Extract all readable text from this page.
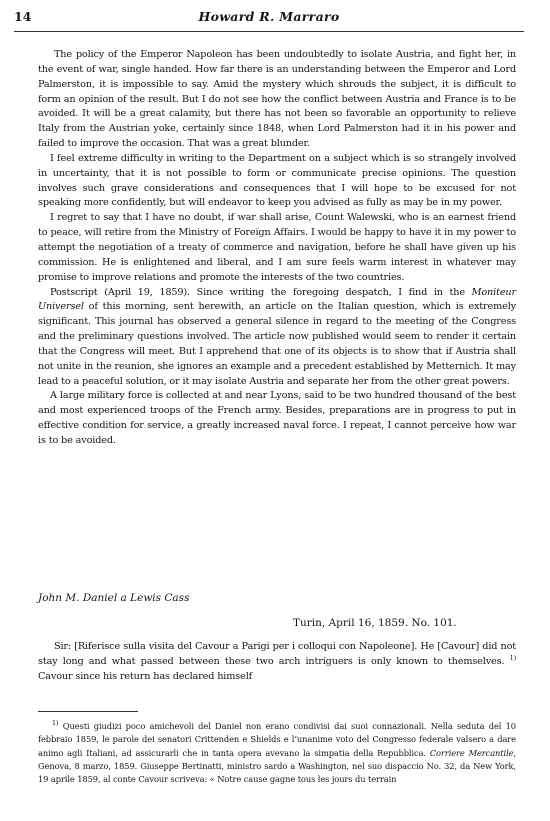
14	Howard R. Marraro

The policy of the Emperor Napoleon has been undoubtedly to isolate Austria, and fight her, in the event of war, single handed. How far there is an understanding between the Emperor and Lord Palmerston, it is impossible to say. Amid the mystery which shrouds the subject, it is difficult to form an opinion of the result. But I do not see how the conflict between Austria and France is to be avoided. It will be a great calamity, but there has not been so favorable an opportunity to relieve Italy from the Austrian yoke, certainly since 1848, when Lord Palmerston had it in his power and failed to improve the occasion. That was a great blunder.

I feel extreme difficulty in writing to the Department on a subject which is so strangely involved in uncertainty, that it is not possible to form or communicate precise opinions. The question involves such grave considerations and consequences that I will hope to be excused for not speaking more confidently, but will endeavor to keep you advised as fully as may be in my power.

I regret to say that I have no doubt, if war shall arise, Count Walewski, who is an earnest friend to peace, will retire from the Ministry of Foreign Affairs. I would be happy to have it in my power to attempt the negotiation of a treaty of commerce and navigation, before he shall have given up his commission. He is enlightened and liberal, and I am sure feels warm interest in whatever may promise to improve relations and promote the interests of the two countries.

Postscript (April 19, 1859). Since writing the foregoing despatch, I find in the Moniteur Universel of this morning, sent herewith, an article on the Italian question, which is extremely significant. This journal has observed a general silence in regard to the meeting of the Congress and the preliminary questions involved. The article now published would seem to render it certain that the Congress will meet. But I apprehend that one of its objects is to show that if Austria shall not unite in the reunion, she ignores an example and a precedent established by Metternich. It may lead to a peaceful solution, or it may isolate Austria and separate her from the other great powers.

A large military force is collected at and near Lyons, said to be two hundred thousand of the best and most experienced troops of the French army. Besides, preparations are in progress to put in effective condition for service, a greatly increased naval force. I repeat, I cannot perceive how war is to be avoided.

John M. Daniel a Lewis Cass
Turin, April 16, 1859. No. 101.

Sir: [Riferisce sulla visita del Cavour a Parigi per i colloqui con Napoleone]. He [Cavour] did not stay long and what passed between these two arch intriguers is only known to themselves. $^{1)}$ Cavour since his return has declared himself

$^{1)}$ Questi giudizi poco amichevoli del Daniel non erano condivisi dai suoi connazionali. Nella seduta del 10 febbraio 1859, le parole dei senatori Crittenden e Shields e l’unanime voto del Congresso federale valsero a dare animo agli Italiani, ad assicurarli che in tanta opera avevano la simpatia della Repubblica. Corriere Mercantile, Genova, 8 marzo, 1859. Giuseppe Bertinatti, ministro sardo a Washington, nel suo dispaccio No. 32, da New York, 19 aprile 1859, al conte Cavour scriveva: « Notre cause gagne tous les jours du terrain
